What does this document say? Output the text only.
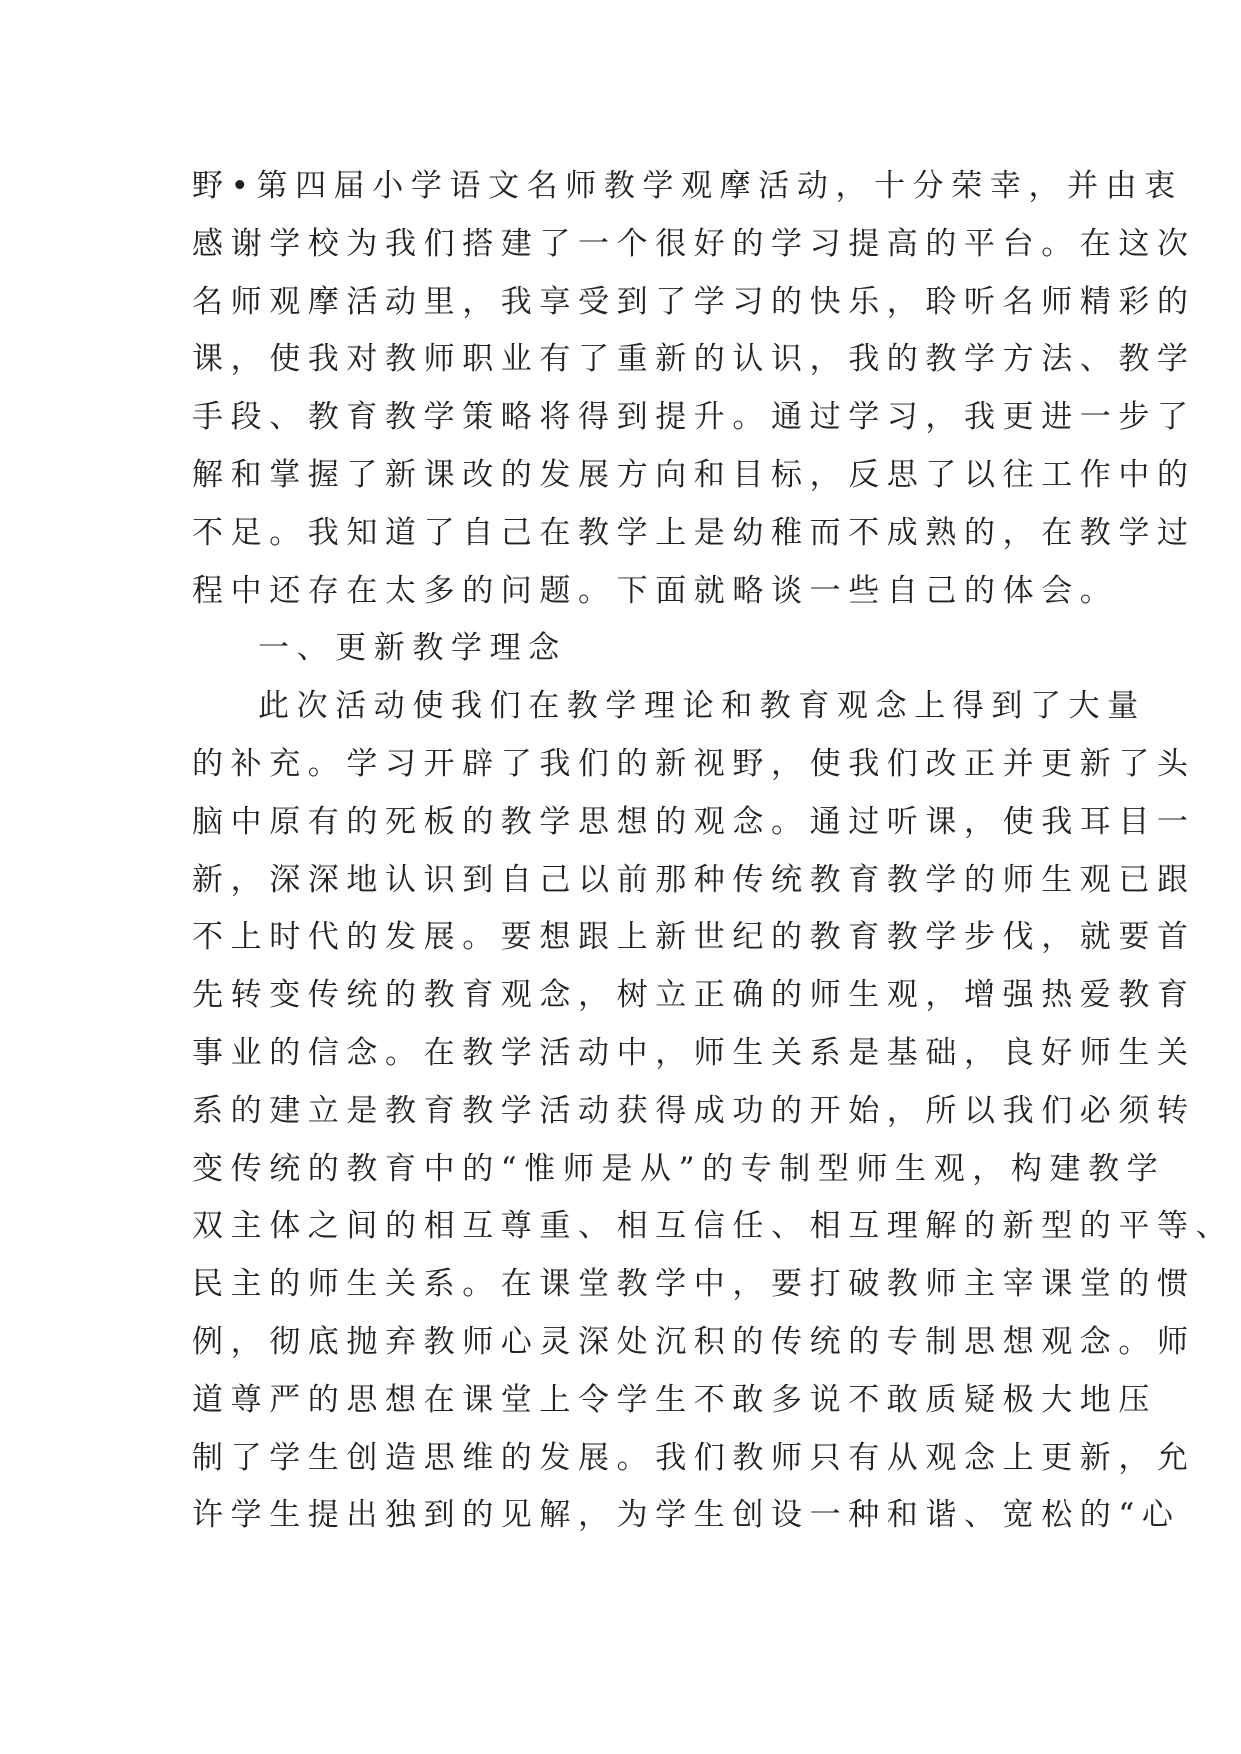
野•第四届小学语文名师教学观摩活动，十分荣幸，并由衷
感谢学校为我们搭建了一个很好的学习提高的平台。在这次
名师观摩活动里，我享受到了学习的快乐，聆听名师精彩的
课，使我对教师职业有了重新的认识，我的教学方法、教学
手段、教育教学策略将得到提升。通过学习，我更进一步了
解和掌握了新课改的发展方向和目标，反思了以往工作中的
不足。我知道了自己在教学上是幼稚而不成熟的，在教学过
程中还存在太多的问题。下面就略谈一些自己的体会。
一、更新教学理念
此次活动使我们在教学理论和教育观念上得到了大量
的补充。学习开辟了我们的新视野，使我们改正并更新了头
脑中原有的死板的教学思想的观念。通过听课，使我耳目一
新，深深地认识到自己以前那种传统教育教学的师生观已跟
不上时代的发展。要想跟上新世纪的教育教学步伐，就要首
先转变传统的教育观念，树立正确的师生观，增强热爱教育
事业的信念。在教学活动中，师生关系是基础，良好师生关
系的建立是教育教学活动获得成功的开始，所以我们必须转
变传统的教育中的“惟师是从”的专制型师生观，构建教学
双主体之间的相互尊重、相互信任、相互理解的新型的平等、
民主的师生关系。在课堂教学中，要打破教师主宰课堂的惯
例，彻底抛弃教师心灵深处沉积的传统的专制思想观念。师
道尊严的思想在课堂上令学生不敢多说不敢质疑极大地压
制了学生创造思维的发展。我们教师只有从观念上更新，允
许学生提出独到的见解，为学生创设一种和谐、宽松的“心
